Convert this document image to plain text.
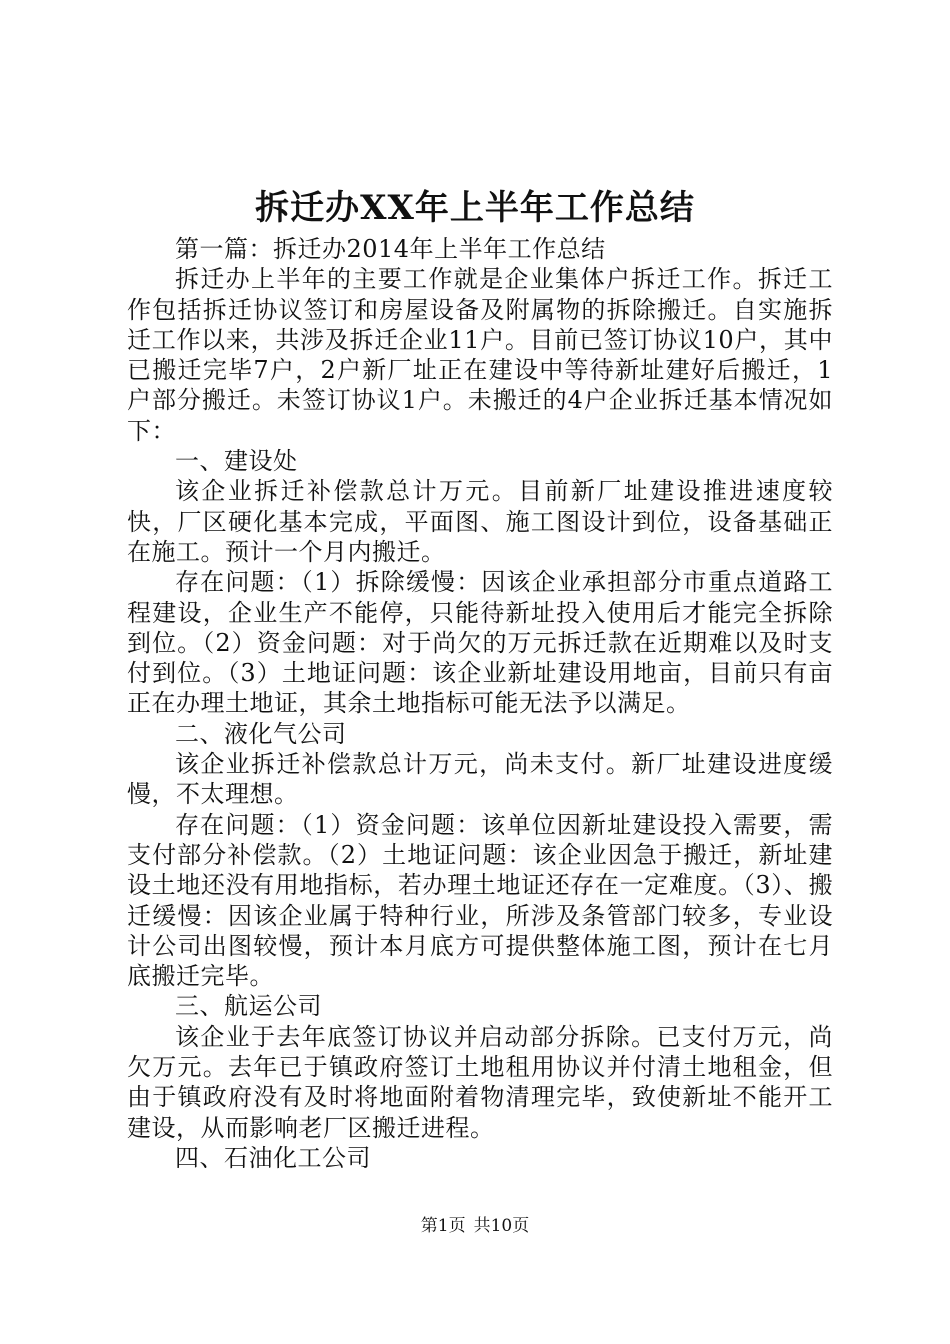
拆迁办XX年上半年工作总结

第一篇：拆迁办2014年上半年工作总结

拆迁办上半年的主要工作就是企业集体户拆迁工作。拆迁工作包括拆迁协议签订和房屋设备及附属物的拆除搬迁。自实施拆迁工作以来，共涉及拆迁企业11户。目前已签订协议10户，其中已搬迁完毕7户，2户新厂址正在建设中等待新址建好后搬迁，1户部分搬迁。未签订协议1户。未搬迁的4户企业拆迁基本情况如下：

一、建设处

该企业拆迁补偿款总计万元。目前新厂址建设推进速度较快，厂区硬化基本完成，平面图、施工图设计到位，设备基础正在施工。预计一个月内搬迁。

存在问题：（1）拆除缓慢：因该企业承担部分市重点道路工程建设，企业生产不能停，只能待新址投入使用后才能完全拆除到位。（2）资金问题：对于尚欠的万元拆迁款在近期难以及时支付到位。（3）土地证问题：该企业新址建设用地亩，目前只有亩正在办理土地证，其余土地指标可能无法予以满足。

二、液化气公司

该企业拆迁补偿款总计万元，尚未支付。新厂址建设进度缓慢，不太理想。

存在问题：（1）资金问题：该单位因新址建设投入需要，需支付部分补偿款。（2）土地证问题：该企业因急于搬迁，新址建设土地还没有用地指标，若办理土地证还存在一定难度。（3）、搬迁缓慢：因该企业属于特种行业，所涉及条管部门较多，专业设计公司出图较慢，预计本月底方可提供整体施工图，预计在七月底搬迁完毕。

三、航运公司

该企业于去年底签订协议并启动部分拆除。已支付万元，尚欠万元。去年已于镇政府签订土地租用协议并付清土地租金，但由于镇政府没有及时将地面附着物清理完毕，致使新址不能开工建设，从而影响老厂区搬迁进程。

四、石油化工公司

第1页 共10页
